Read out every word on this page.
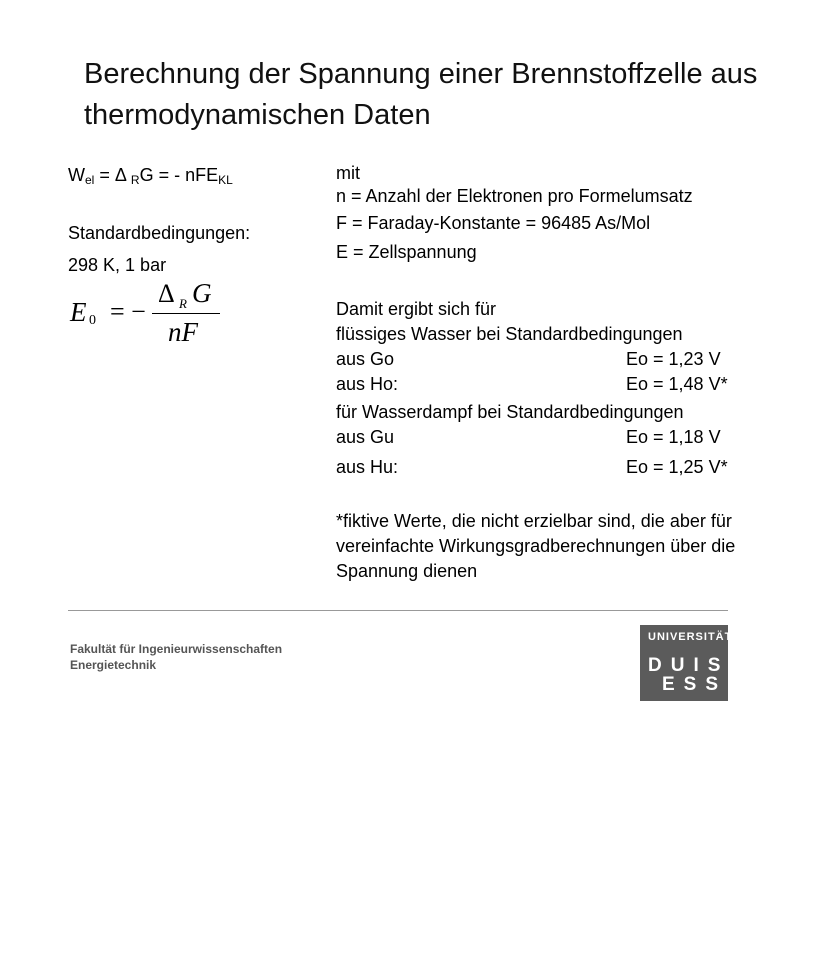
Berechnung der Spannung einer Brennstoffzelle aus
thermodynamischen Daten
$W_{el} = \Delta$ $_R$G = - nFE$_{KL}$
Standardbedingungen:
298 K, 1 bar
E 0 = −
Δ R G
nF
mit
n = Anzahl der Elektronen pro Formelumsatz
F = Faraday-Konstante = 96485 As/Mol
E = Zellspannung
Damit ergibt sich für
flüssiges Wasser bei Standardbedingungen
aus Go	Eo = 1,23 V
aus Ho:	Eo = 1,48 V*
für Wasserdampf bei Standardbedingungen
aus Gu	Eo = 1,18 V
aus Hu:	Eo = 1,25 V*
*fiktive Werte, die nicht erzielbar sind, die aber für
vereinfachte Wirkungsgradberechnungen über die
Spannung dienen
Fakultät für Ingenieurwissenschaften
Energietechnik
UNIVERSITÄT
DUISBURG
ESSEN
